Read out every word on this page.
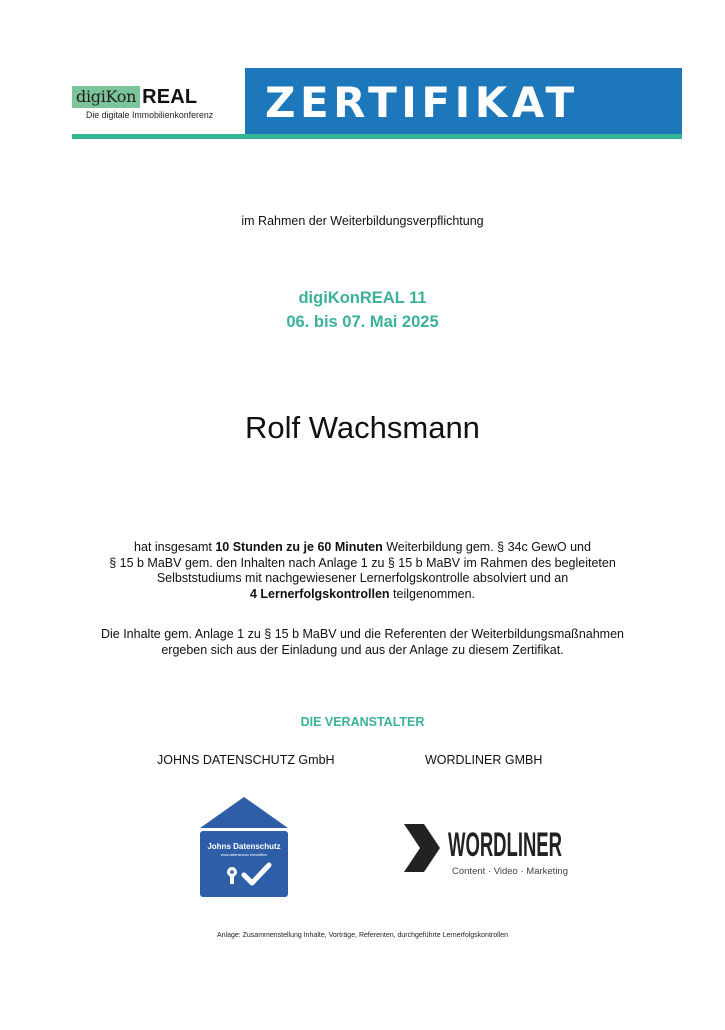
digiKon REAL
Die digitale Immobilienkonferenz ZERTIFIKAT
im Rahmen der Weiterbildungsverpflichtung
digiKonREAL 11
06. bis 07. Mai 2025
Rolf Wachsmann
hat insgesamt 10 Stunden zu je 60 Minuten Weiterbildung gem. § 34c GewO und
§ 15 b MaBV gem. den Inhalten nach Anlage 1 zu § 15 b MaBV im Rahmen des begleiteten
Selbststudiums mit nachgewiesener Lernerfolgskontrolle absolviert und an
4 Lernerfolgskontrollen teilgenommen.
Die Inhalte gem. Anlage 1 zu § 15 b MaBV und die Referenten der Weiterbildungsmaßnahmen
ergeben sich aus der Einladung und aus der Anlage zu diesem Zertifikat.
DIE VERANSTALTER
JOHNS DATENSCHUTZ GmbH	WORDLINER GMBH
Johns Datenschutz
www.datenschutz.immobilien	WORDLINER
Content · Video · Marketing
Anlage: Zusammenstellung Inhalte, Vorträge, Referenten, durchgeführte Lernerfolgskontrollen
